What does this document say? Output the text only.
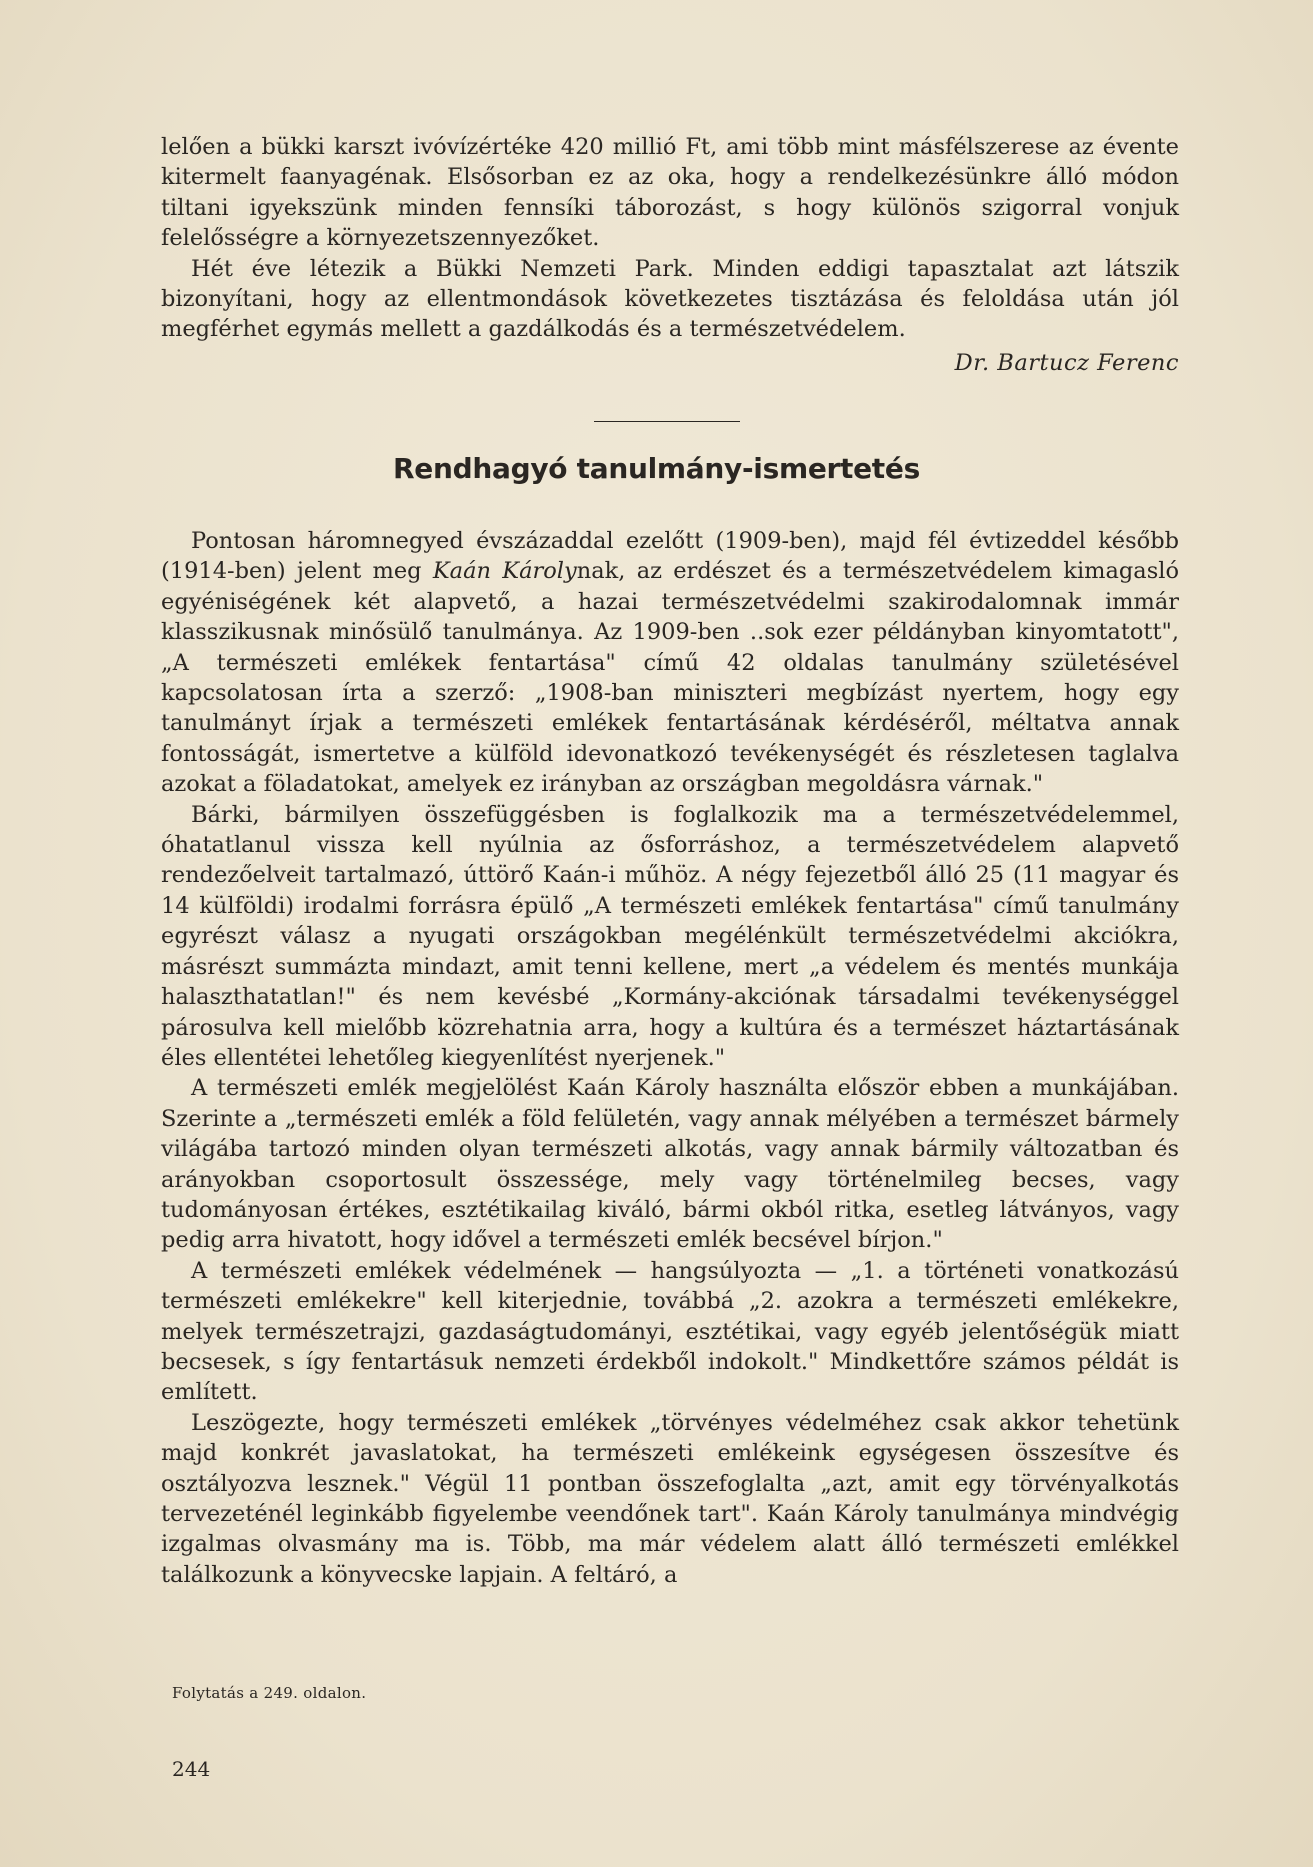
lelően a bükki karszt ivóvízértéke 420 millió Ft, ami több mint másfélszerese az évente kitermelt faanyagénak. Elsősorban ez az oka, hogy a rendelkezésünkre álló módon tiltani igyekszünk minden fennsíki táborozást, s hogy különös szigorral vonjuk felelősségre a környezetszennyezőket.

Hét éve létezik a Bükki Nemzeti Park. Minden eddigi tapasztalat azt látszik bizonyítani, hogy az ellentmondások következetes tisztázása és feloldása után jól megférhet egymás mellett a gazdálkodás és a természetvédelem.

Dr. Bartucz Ferenc
Rendhagyó tanulmány-ismertetés

Pontosan háromnegyed évszázaddal ezelőtt (1909-ben), majd fél évtizeddel később (1914-ben) jelent meg Kaán Károlynak, az erdészet és a természetvédelem kimagasló egyéniségének két alapvető, a hazai természetvédelmi szakirodalomnak immár klasszikusnak minősülő tanulmánya. Az 1909-ben ..sok ezer példányban kinyomtatott", „A természeti emlékek fentartása" című 42 oldalas tanulmány születésével kapcsolatosan írta a szerző: „1908-ban miniszteri megbízást nyertem, hogy egy tanulmányt írjak a természeti emlékek fentartásának kérdéséről, méltatva annak fontosságát, ismertetve a külföld idevonatkozó tevékenységét és részletesen taglalva azokat a föladatokat, amelyek ez irányban az országban megoldásra várnak."

Bárki, bármilyen összefüggésben is foglalkozik ma a természetvédelemmel, óhatatlanul vissza kell nyúlnia az ősforráshoz, a természetvédelem alapvető rendezőelveit tartalmazó, úttörő Kaán-i műhöz. A négy fejezetből álló 25 (11 magyar és 14 külföldi) irodalmi forrásra épülő „A természeti emlékek fentartása" című tanulmány egyrészt válasz a nyugati országokban megélénkült természetvédelmi akciókra, másrészt summázta mindazt, amit tenni kellene, mert „a védelem és mentés munkája halaszthatatlan!" és nem kevésbé „Kormány-akciónak társadalmi tevékenységgel párosulva kell mielőbb közrehatnia arra, hogy a kultúra és a természet háztartásának éles ellentétei lehetőleg kiegyenlítést nyerjenek."

A természeti emlék megjelölést Kaán Károly használta először ebben a munkájában. Szerinte a „természeti emlék a föld felületén, vagy annak mélyében a természet bármely világába tartozó minden olyan természeti alkotás, vagy annak bármily változatban és arányokban csoportosult összessége, mely vagy történelmileg becses, vagy tudományosan értékes, esztétikailag kiváló, bármi okból ritka, esetleg látványos, vagy pedig arra hivatott, hogy idővel a természeti emlék becsével bírjon."

A természeti emlékek védelmének — hangsúlyozta — „1. a történeti vonatkozású természeti emlékekre" kell kiterjednie, továbbá „2. azokra a természeti emlékekre, melyek természetrajzi, gazdaságtudományi, esztétikai, vagy egyéb jelentőségük miatt becsesek, s így fentartásuk nemzeti érdekből indokolt." Mindkettőre számos példát is említett.

Leszögezte, hogy természeti emlékek „törvényes védelméhez csak akkor tehetünk majd konkrét javaslatokat, ha természeti emlékeink egységesen összesítve és osztályozva lesznek." Végül 11 pontban összefoglalta „azt, amit egy törvényalkotás tervezeténél leginkább figyelembe veendőnek tart". Kaán Károly tanulmánya mindvégig izgalmas olvasmány ma is. Több, ma már védelem alatt álló természeti emlékkel találkozunk a könyvecske lapjain. A feltáró, a

Folytatás a 249. oldalon.
244
